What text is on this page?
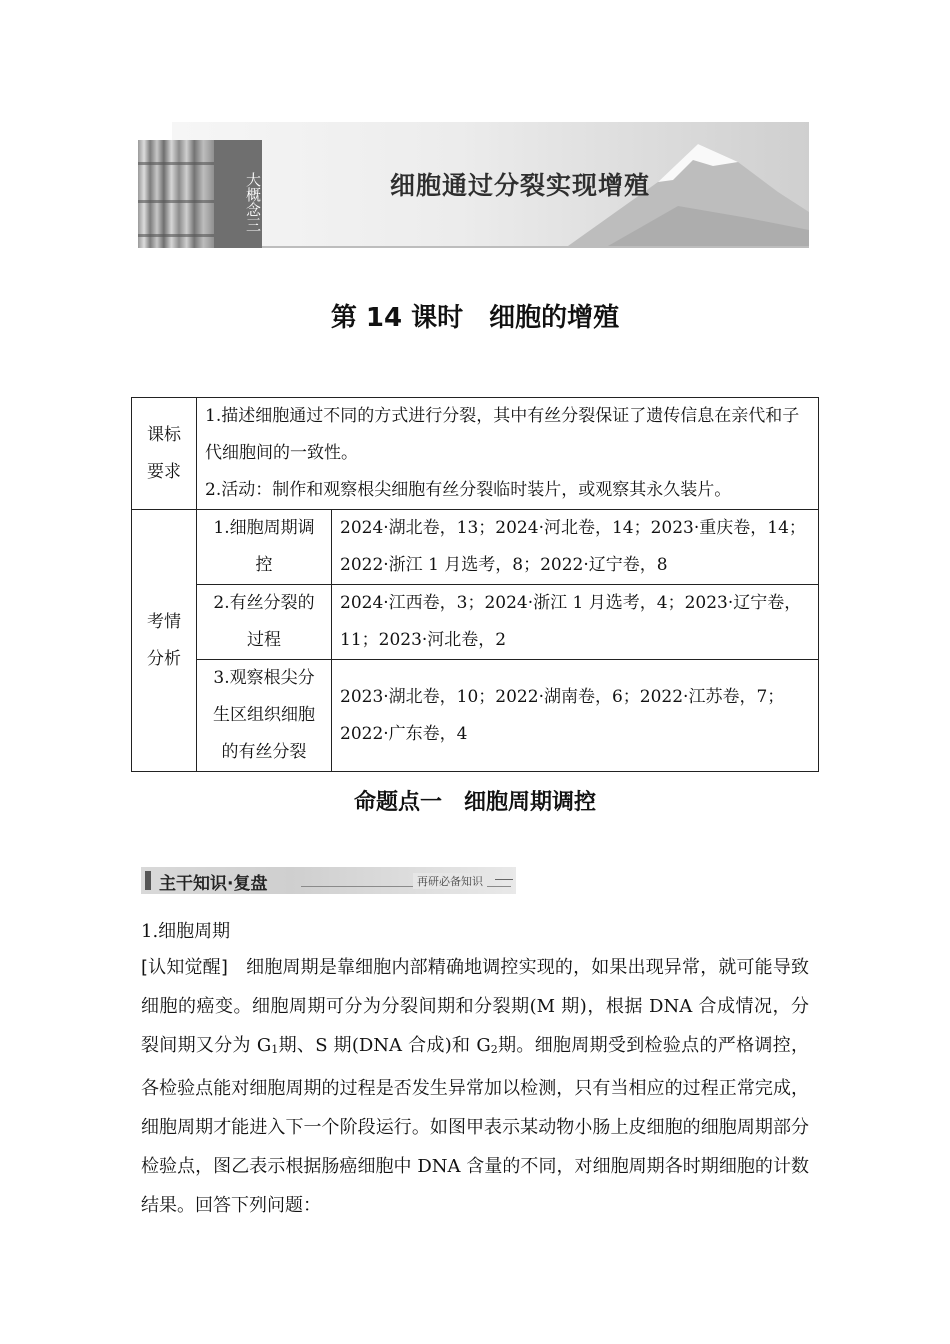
大概念三	细胞通过分裂实现增殖
第 14 课时　细胞的增殖
课标要求	1.描述细胞通过不同的方式进行分裂，其中有丝分裂保证了遗传信息在亲代和子代细胞间的一致性。
2.活动：制作和观察根尖细胞有丝分裂临时装片，或观察其永久装片。	

考情分析	1.细胞周期调控	2024·湖北卷，13；2024·河北卷，14；2023·重庆卷，14；2022·浙江 1 月选考，8；2022·辽宁卷，8
	2.有丝分裂的过程	2024·江西卷，3；2024·浙江 1 月选考，4；2023·辽宁卷，11；2023·河北卷，2
	3.观察根尖分生区组织细胞的有丝分裂	2023·湖北卷，10；2022·湖南卷，6；2022·江苏卷，7；2022·广东卷，4
命题点一　细胞周期调控
主干知识·复盘	再研必备知识
1.细胞周期
[认知觉醒]　细胞周期是靠细胞内部精确地调控实现的，如果出现异常，就可能导致细胞的癌变。细胞周期可分为分裂间期和分裂期(M 期)，根据 DNA 合成情况，分裂间期又分为 $G_1$期、S 期(DNA 合成)和 $G_2$期。细胞周期受到检验点的严格调控，各检验点能对细胞周期的过程是否发生异常加以检测，只有当相应的过程正常完成，细胞周期才能进入下一个阶段运行。如图甲表示某动物小肠上皮细胞的细胞周期部分检验点，图乙表示根据肠癌细胞中 DNA 含量的不同，对细胞周期各时期细胞的计数结果。回答下列问题：
